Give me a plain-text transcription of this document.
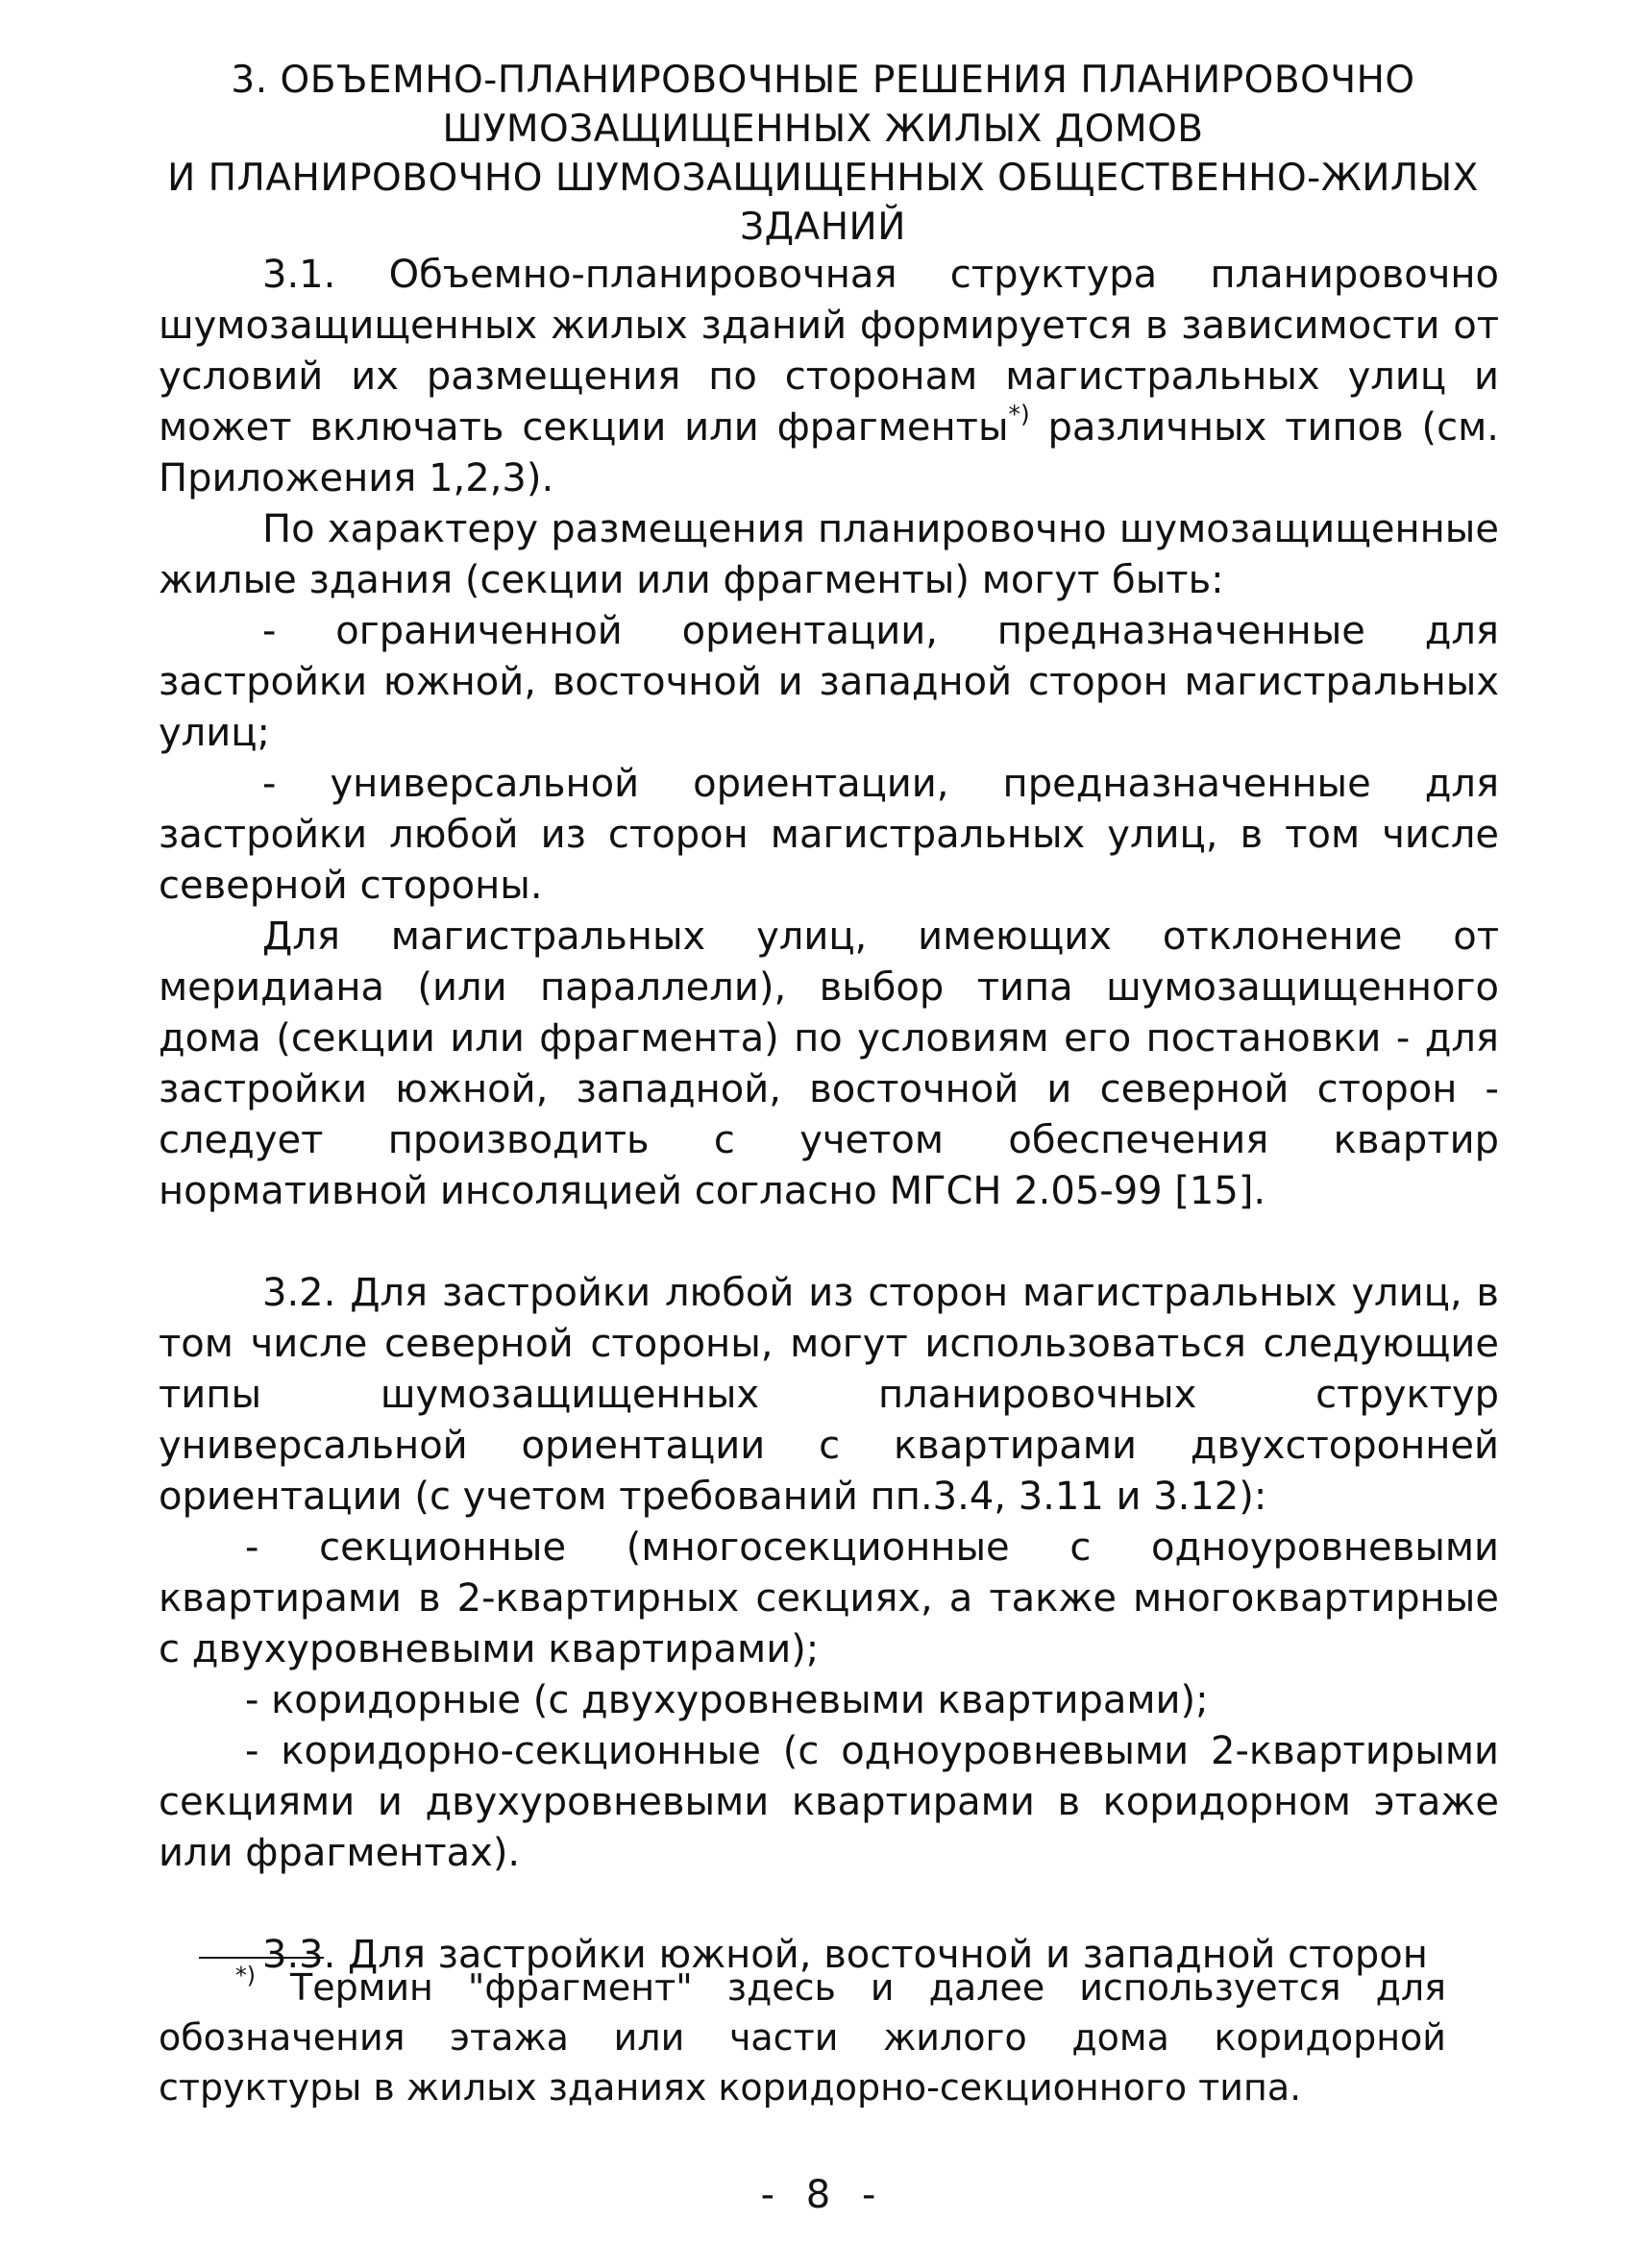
3. ОБЪЕМНО-ПЛАНИРОВОЧНЫЕ РЕШЕНИЯ ПЛАНИРОВОЧНО
ШУМОЗАЩИЩЕННЫХ ЖИЛЫХ ДОМОВ
И ПЛАНИРОВОЧНО ШУМОЗАЩИЩЕННЫХ ОБЩЕСТВЕННО-ЖИЛЫХ ЗДАНИЙ

3.1. Объемно-планировочная структура планировочно шумозащищенных жилых зданий формируется в зависимости от условий их размещения по сторонам магистральных улиц и может включать секции или фрагменты*) различных типов (см. Приложения 1,2,3).

По характеру размещения планировочно шумозащищенные жилые здания (секции или фрагменты) могут быть:

- ограниченной ориентации, предназначенные для застройки южной, восточной и западной сторон магистральных улиц;

- универсальной ориентации, предназначенные для застройки любой из сторон магистральных улиц, в том числе северной стороны.

Для магистральных улиц, имеющих отклонение от меридиана (или параллели), выбор типа шумозащищенного дома (секции или фрагмента) по условиям его постановки - для застройки южной, западной, восточной и северной сторон - следует производить с учетом обеспечения квартир нормативной инсоляцией согласно МГСН 2.05-99 [15].

3.2. Для застройки любой из сторон магистральных улиц, в том числе северной стороны, могут использоваться следующие типы шумозащищенных планировочных структур универсальной ориентации с квартирами двухсторонней ориентации (с учетом требований пп.3.4, 3.11 и 3.12):

- секционные (многосекционные с одноуровневыми квартирами в 2-квартирных секциях, а также многоквартирные с двухуровневыми квартирами);

- коридорные (с двухуровневыми квартирами);

- коридорно-секционные (с одноуровневыми 2-квартирыми секциями и двухуровневыми квартирами в коридорном этаже или фрагментах).

3.3. Для застройки южной, восточной и западной сторон

*) Термин "фрагмент" здесь и далее используется для обозначения этажа или части жилого дома коридорной структуры в жилых зданиях коридорно-секционного типа.

- 8 -
